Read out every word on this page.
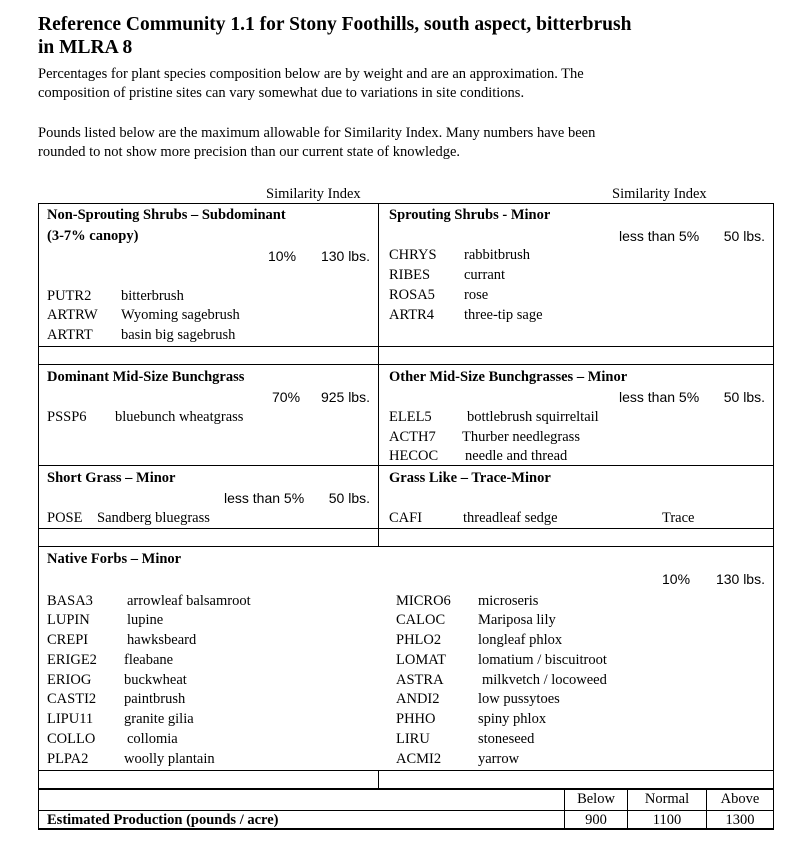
Reference Community 1.1 for Stony Foothills, south aspect, bitterbrush
in MLRA 8
Percentages for plant species composition below are by weight and are an approximation. The
composition of pristine sites can vary somewhat due to variations in site conditions.
Pounds listed below are the maximum allowable for Similarity Index. Many numbers have been
rounded to not show more precision than our current state of knowledge.
Similarity Index	Similarity Index
Non-Sprouting Shrubs – Subdominant
(3-7% canopy)
10% 130 lbs.
PUTR2 bitterbrush
ARTRW Wyoming sagebrush
ARTRT basin big sagebrush
Sprouting Shrubs - Minor
less than 5% 50 lbs.
CHRYS rabbitbrush
RIBES currant
ROSA5 rose
ARTR4 three-tip sage
Dominant Mid-Size Bunchgrass
70% 925 lbs.
PSSP6 bluebunch wheatgrass
Other Mid-Size Bunchgrasses – Minor
less than 5% 50 lbs.
ELEL5 bottlebrush squirreltail
ACTH7 Thurber needlegrass
HECOC needle and thread
Short Grass – Minor
less than 5% 50 lbs.
POSE Sandberg bluegrass
Grass Like – Trace-Minor
CAFI	threadleaf sedge	Trace
Native Forbs – Minor
10% 130 lbs.
BASA3 arrowleaf balsamroot
LUPIN	lupine
CREPI	hawksbeard
ERIGE2 fleabane
ERIOG buckwheat
CASTI2 paintbrush
LIPU11 granite gilia
COLLO collomia
PLPA2 woolly plantain
MICRO6 microseris
CALOC Mariposa lily
PHLO2	longleaf phlox
LOMAT lomatium / biscuitroot
ASTRA	milkvetch / locoweed
ANDI2	low pussytoes
PHHO	spiny phlox
LIRU	stoneseed
ACMI2	yarrow
Below	Normal	Above
Estimated Production (pounds / acre)	900	1100	1300
